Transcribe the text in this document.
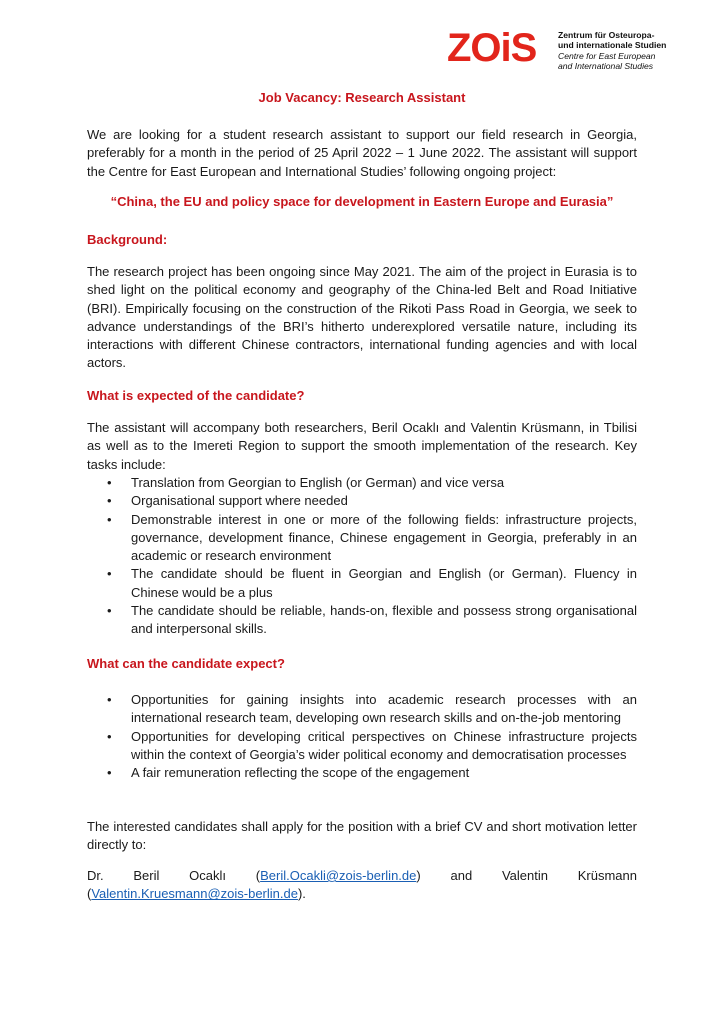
ZOiS	Zentrum für Osteuropa-
und internationale Studien
Centre for East European
and International Studies
Job Vacancy: Research Assistant
We are looking for a student research assistant to support our field research in Georgia, preferably for a month in the period of 25 April 2022 – 1 June 2022. The assistant will support the Centre for East European and International Studies’ following ongoing project:
“China, the EU and policy space for development in Eastern Europe and Eurasia”
Background:
The research project has been ongoing since May 2021. The aim of the project in Eurasia is to shed light on the political economy and geography of the China-led Belt and Road Initiative (BRI). Empirically focusing on the construction of the Rikoti Pass Road in Georgia, we seek to advance understandings of the BRI’s hitherto underexplored versatile nature, including its interactions with different Chinese contractors, international funding agencies and with local actors.
What is expected of the candidate?
The assistant will accompany both researchers, Beril Ocaklı and Valentin Krüsmann, in Tbilisi as well as to the Imereti Region to support the smooth implementation of the research. Key tasks include:
• Translation from Georgian to English (or German) and vice versa
• Organisational support where needed
• Demonstrable interest in one or more of the following fields: infrastructure projects, governance, development finance, Chinese engagement in Georgia, preferably in an academic or research environment
• The candidate should be fluent in Georgian and English (or German). Fluency in Chinese would be a plus
• The candidate should be reliable, hands-on, flexible and possess strong organisational and interpersonal skills.
What can the candidate expect?
• Opportunities for gaining insights into academic research processes with an international research team, developing own research skills and on-the-job mentoring
• Opportunities for developing critical perspectives on Chinese infrastructure projects within the context of Georgia’s wider political economy and democratisation processes
• A fair remuneration reflecting the scope of the engagement
The interested candidates shall apply for the position with a brief CV and short motivation letter directly to:
Dr. Beril Ocaklı (Beril.Ocakli@zois-berlin.de) and Valentin Krüsmann
(Valentin.Kruesmann@zois-berlin.de).
